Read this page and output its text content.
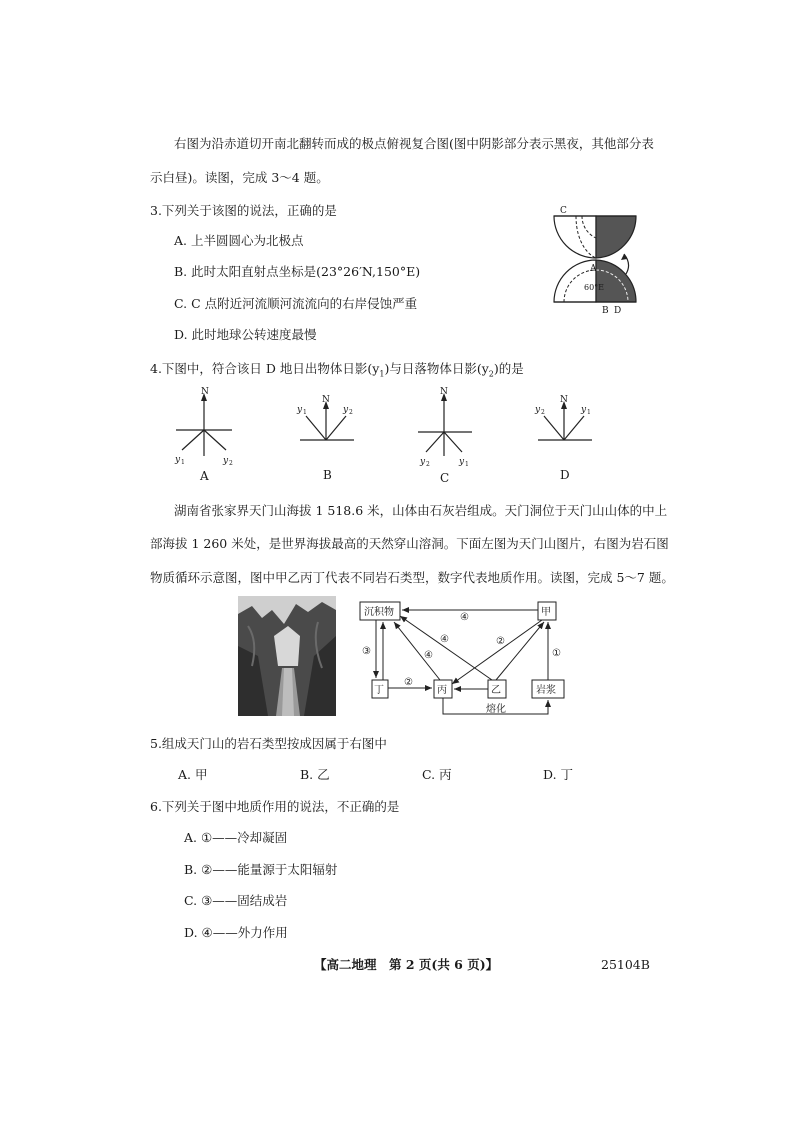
右图为沿赤道切开南北翻转而成的极点俯视复合图(图中阴影部分表示黑夜，其他部分表
示白昼)。读图，完成 3～4 题。
3.下列关于该图的说法，正确的是
A. 上半圆圆心为北极点
B. 此时太阳直射点坐标是(23°26′N,150°E)
C. C 点附近河流顺河流流向的右岸侵蚀严重
D. 此时地球公转速度最慢
C
A
60°E
B D
4.下图中，符合该日 D 地日出物体日影$(y_1)$与日落物体日影$(y_2)$的是
N
y 1	y 2
A
N
y 1	y 2
B
N
y 2	y 1
C
N
y 2	y 1
D
湖南省张家界天门山海拔 1 518.6 米，山体由石灰岩组成。天门洞位于天门山山体的中上
部海拔 1 260 米处，是世界海拔最高的天然穿山溶洞。下面左图为天门山图片，右图为岩石图
物质循环示意图，图中甲乙丙丁代表不同岩石类型，数字代表地质作用。读图，完成 5～7 题。
沉积物	甲
丁	丙	乙	岩浆
④
③
②
④
④	②
①
熔化
5.组成天门山的岩石类型按成因属于右图中
A. 甲	B. 乙	C. 丙	D. 丁
6.下列关于图中地质作用的说法，不正确的是
A. ①——冷却凝固
B. ②——能量源于太阳辐射
C. ③——固结成岩
D. ④——外力作用
【高二地理　第 2 页(共 6 页)】	25104B
